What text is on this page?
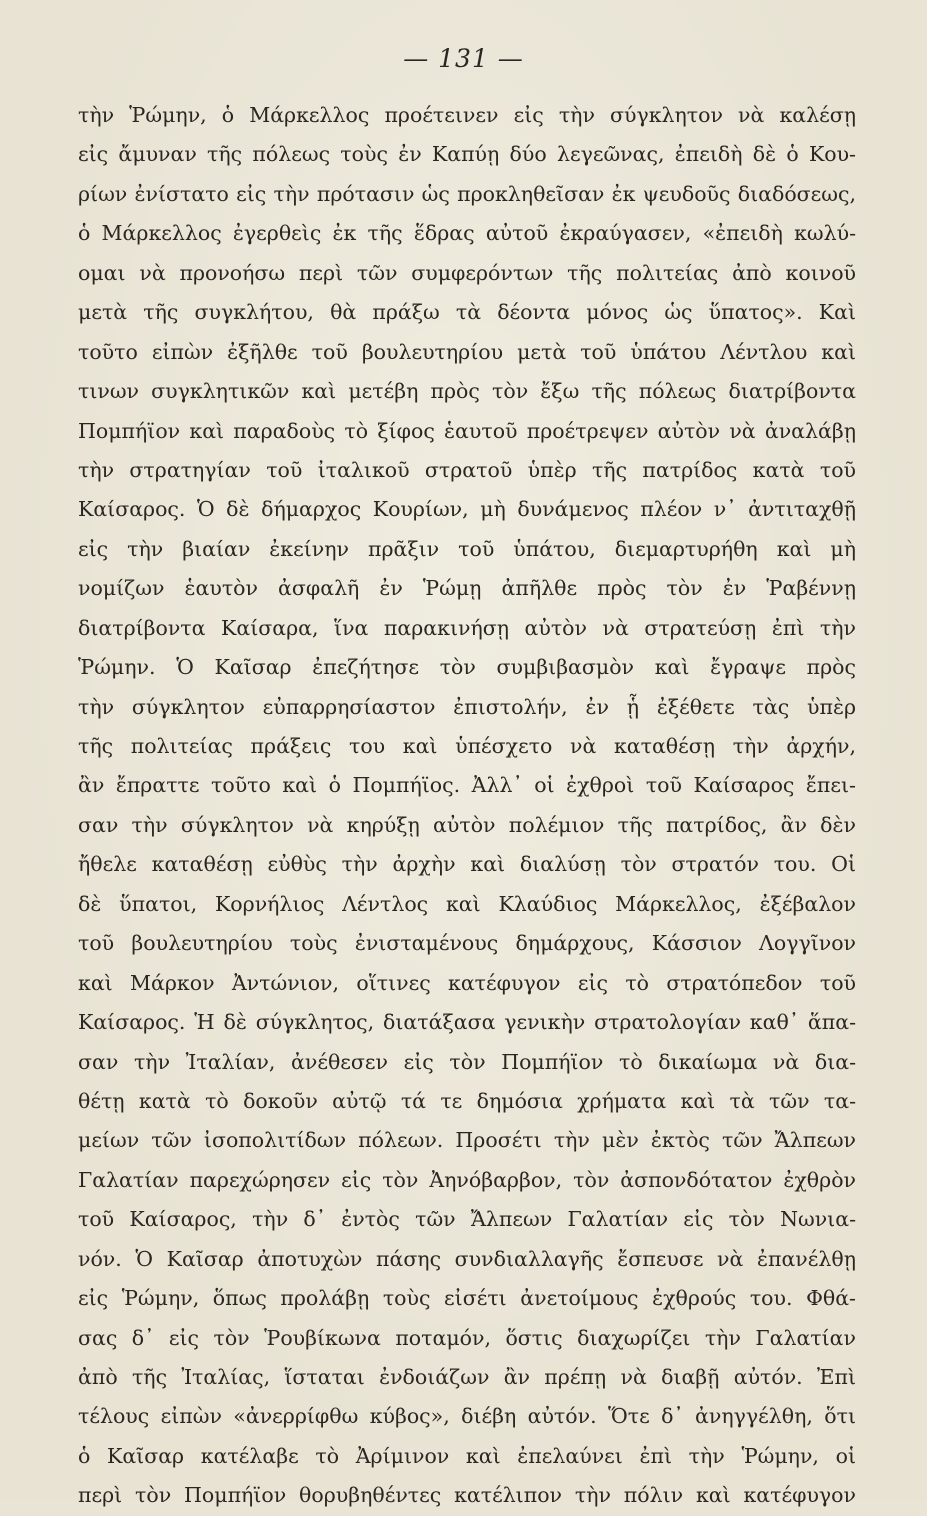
— 131 —
τὴν Ῥώμην, ὁ Μάρκελλος προέτεινεν εἰς τὴν σύγκλητον νὰ καλέσῃ
εἰς ἄμυναν τῆς πόλεως τοὺς ἐν Καπύῃ δύο λεγεῶνας, ἐπειδὴ δὲ ὁ Κου-
ρίων ἐνίστατο εἰς τὴν πρότασιν ὡς προκληθεῖσαν ἐκ ψευδοῦς διαδόσεως,
ὁ Μάρκελλος ἐγερθεὶς ἐκ τῆς ἕδρας αὐτοῦ ἐκραύγασεν, «ἐπειδὴ κωλύ-
ομαι νὰ προνοήσω περὶ τῶν συμφερόντων τῆς πολιτείας ἀπὸ κοινοῦ
μετὰ τῆς συγκλήτου, θὰ πράξω τὰ δέοντα μόνος ὡς ὕπατος». Καὶ
τοῦτο εἰπὼν ἐξῆλθε τοῦ βουλευτηρίου μετὰ τοῦ ὑπάτου Λέντλου καὶ
τινων συγκλητικῶν καὶ μετέβη πρὸς τὸν ἔξω τῆς πόλεως διατρίβοντα
Πομπήϊον καὶ παραδοὺς τὸ ξίφος ἑαυτοῦ προέτρεψεν αὐτὸν νὰ ἀναλάβῃ
τὴν στρατηγίαν τοῦ ἰταλικοῦ στρατοῦ ὑπὲρ τῆς πατρίδος κατὰ τοῦ
Καίσαρος. Ὁ δὲ δήμαρχος Κουρίων, μὴ δυνάμενος πλέον ν᾽ ἀντιταχθῇ
εἰς τὴν βιαίαν ἐκείνην πρᾶξιν τοῦ ὑπάτου, διεμαρτυρήθη καὶ μὴ
νομίζων ἑαυτὸν ἀσφαλῆ ἐν Ῥώμῃ ἀπῆλθε πρὸς τὸν ἐν Ῥαβέννῃ
διατρίβοντα Καίσαρα, ἵνα παρακινήσῃ αὐτὸν νὰ στρατεύσῃ ἐπὶ τὴν
Ῥώμην. Ὁ Καῖσαρ ἐπεζήτησε τὸν συμβιβασμὸν καὶ ἔγραψε πρὸς
τὴν σύγκλητον εὐπαρρησίαστον ἐπιστολήν, ἐν ᾗ ἐξέθετε τὰς ὑπὲρ
τῆς πολιτείας πράξεις του καὶ ὑπέσχετο νὰ καταθέσῃ τὴν ἀρχήν,
ἂν ἔπραττε τοῦτο καὶ ὁ Πομπήϊος. Ἀλλ᾽ οἱ ἐχθροὶ τοῦ Καίσαρος ἔπει-
σαν τὴν σύγκλητον νὰ κηρύξῃ αὐτὸν πολέμιον τῆς πατρίδος, ἂν δὲν
ἤθελε καταθέσῃ εὐθὺς τὴν ἀρχὴν καὶ διαλύσῃ τὸν στρατόν του. Οἱ
δὲ ὕπατοι, Κορνήλιος Λέντλος καὶ Κλαύδιος Μάρκελλος, ἐξέβαλον
τοῦ βουλευτηρίου τοὺς ἐνισταμένους δημάρχους, Κάσσιον Λογγῖνον
καὶ Μάρκον Ἀντώνιον, οἵτινες κατέφυγον εἰς τὸ στρατόπεδον τοῦ
Καίσαρος. Ἡ δὲ σύγκλητος, διατάξασα γενικὴν στρατολογίαν καθ᾽ ἅπα-
σαν τὴν Ἰταλίαν, ἀνέθεσεν εἰς τὸν Πομπήϊον τὸ δικαίωμα νὰ δια-
θέτῃ κατὰ τὸ δοκοῦν αὐτῷ τά τε δημόσια χρήματα καὶ τὰ τῶν τα-
μείων τῶν ἰσοπολιτίδων πόλεων. Προσέτι τὴν μὲν ἐκτὸς τῶν Ἄλπεων
Γαλατίαν παρεχώρησεν εἰς τὸν Ἀηνόβαρβον, τὸν ἀσπονδότατον ἐχθρὸν
τοῦ Καίσαρος, τὴν δ᾽ ἐντὸς τῶν Ἄλπεων Γαλατίαν εἰς τὸν Νωνια-
νόν. Ὁ Καῖσαρ ἀποτυχὼν πάσης συνδιαλλαγῆς ἔσπευσε νὰ ἐπανέλθῃ
εἰς Ῥώμην, ὅπως προλάβῃ τοὺς εἰσέτι ἀνετοίμους ἐχθρούς του. Φθά-
σας δ᾽ εἰς τὸν Ῥουβίκωνα ποταμόν, ὅστις διαχωρίζει τὴν Γαλατίαν
ἀπὸ τῆς Ἰταλίας, ἵσταται ἐνδοιάζων ἂν πρέπῃ νὰ διαβῇ αὐτόν. Ἐπὶ
τέλους εἰπὼν «ἀνερρίφθω κύβος», διέβη αὐτόν. Ὅτε δ᾽ ἀνηγγέλθη, ὅτι
ὁ Καῖσαρ κατέλαβε τὸ Ἀρίμινον καὶ ἐπελαύνει ἐπὶ τὴν Ῥώμην, οἱ
περὶ τὸν Πομπήϊον θορυβηθέντες κατέλιπον τὴν πόλιν καὶ κατέφυγον
